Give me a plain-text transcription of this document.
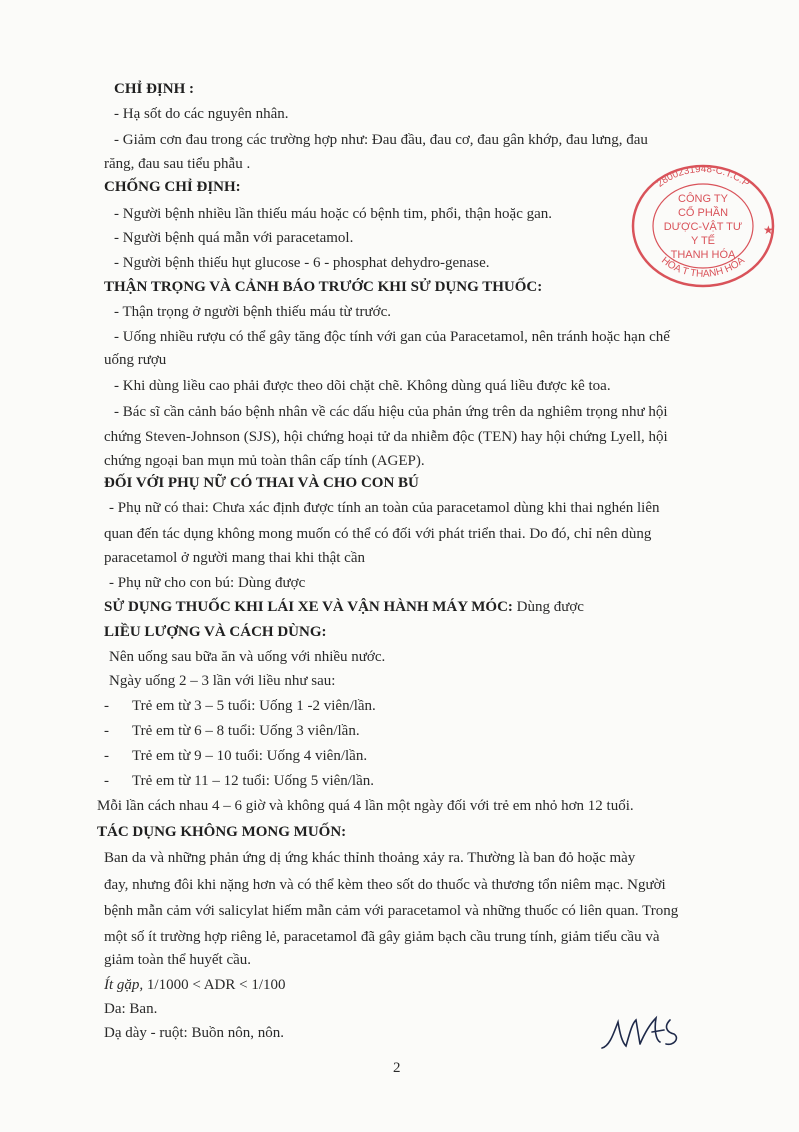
CHỈ ĐỊNH :
- Hạ sốt do các nguyên nhân.
- Giảm cơn đau trong các trường hợp như: Đau đầu, đau cơ, đau gân khớp, đau lưng, đau
răng, đau sau tiểu phẫu .
CHỐNG CHỈ ĐỊNH:
- Người bệnh nhiều lần thiếu máu hoặc có bệnh tim, phổi, thận hoặc gan.
- Người bệnh quá mẫn với paracetamol.
- Người bệnh thiếu hụt glucose - 6 - phosphat dehydro-genase.
THẬN TRỌNG VÀ CẢNH BÁO TRƯỚC KHI SỬ DỤNG THUỐC:
- Thận trọng ở người bệnh thiếu máu từ trước.
- Uống nhiều rượu có thể gây tăng độc tính với gan của Paracetamol, nên tránh hoặc hạn chế
uống rượu
- Khi dùng liều cao phải được theo dõi chặt chẽ. Không dùng quá liều được kê toa.
- Bác sĩ cần cảnh báo bệnh nhân về các dấu hiệu của phản ứng trên da nghiêm trọng như hội
chứng Steven-Johnson (SJS), hội chứng hoại tử da nhiễm độc (TEN) hay hội chứng Lyell, hội
chứng ngoại ban mụn mủ toàn thân cấp tính (AGEP).
ĐỐI VỚI PHỤ NỮ CÓ THAI VÀ CHO CON BÚ
- Phụ nữ có thai: Chưa xác định được tính an toàn của paracetamol dùng khi thai nghén liên
quan đến tác dụng không mong muốn có thể có đối với phát triển thai. Do đó, chỉ nên dùng
paracetamol ở người mang thai khi thật cần
- Phụ nữ cho con bú: Dùng được
SỬ DỤNG THUỐC KHI LÁI XE VÀ VẬN HÀNH MÁY MÓC: Dùng được
LIỀU LƯỢNG VÀ CÁCH DÙNG:
Nên uống sau bữa ăn và uống với nhiều nước.
Ngày uống 2 – 3 lần với liều như sau:
- Trẻ em từ 3 – 5 tuổi: Uống 1 -2 viên/lần.
- Trẻ em từ 6 – 8 tuổi: Uống 3 viên/lần.
- Trẻ em từ 9 – 10 tuổi: Uống 4 viên/lần.
- Trẻ em từ 11 – 12 tuổi: Uống 5 viên/lần.
Mỗi lần cách nhau 4 – 6 giờ và không quá 4 lần một ngày đối với trẻ em nhỏ hơn 12 tuổi.
TÁC DỤNG KHÔNG MONG MUỐN:
Ban da và những phản ứng dị ứng khác thỉnh thoảng xảy ra. Thường là ban đỏ hoặc mày
đay, nhưng đôi khi nặng hơn và có thể kèm theo sốt do thuốc và thương tổn niêm mạc. Người
bệnh mẫn cảm với salicylat hiếm mẫn cảm với paracetamol và những thuốc có liên quan. Trong
một số ít trường hợp riêng lẻ, paracetamol đã gây giảm bạch cầu trung tính, giảm tiểu cầu và
giảm toàn thể huyết cầu.
Ít gặp, 1/1000 < ADR < 1/100
Da: Ban.
Dạ dày - ruột: Buồn nôn, nôn.
2800231948-C.T.C.P
HÓA T THANH HÓA
CÔNG TY
CỔ PHẦN
DƯỢC-VẬT TƯ
Y TẾ
THANH HÓA
★
2
